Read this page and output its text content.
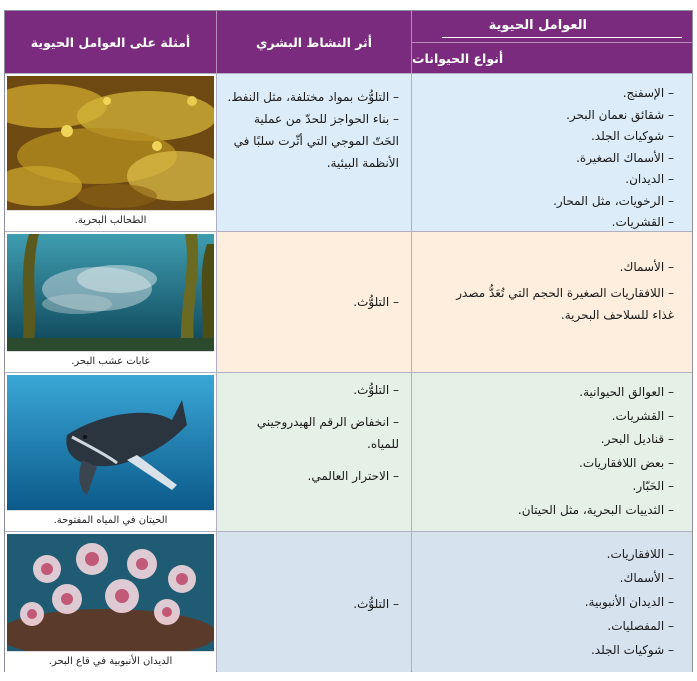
أمثلة على العوامل الحيوية	أثر النشاط البشري
العوامل الحيوية
أنواع الحيوانات
الطحالب البحرية.
– التلوُّث بمواد مختلفة، مثل النفط.
– بناء الحواجز للحدّ من عملية الحَتّ الموجي التي أثّرت سلبًا في الأنظمة البيئية.
– الإسفنج.
– شقائق نعمان البحر.
– شوكيات الجلد.
– الأسماك الصغيرة.
– الديدان.
– الرخويات، مثل المحار.
– القشريات.
غابات عشب البحر.
– التلوُّث.
– الأسماك.
– اللافقاريات الصغيرة الحجم التي تُعَدُّ مصدر غذاء للسلاحف البحرية.
الحيتان في المياه المفتوحة.
– التلوُّث.
– انخفاض الرقم الهيدروجيني للمياه.
– الاحترار العالمي.
– العوالق الحيوانية.
– القشريات.
– قناديل البحر.
– بعض اللافقاريات.
– الحَبّار.
– الثدييات البحرية، مثل الحيتان.
الديدان الأنبوبية في قاع البحر.
– التلوُّث.
– اللافقاريات.
– الأسماك.
– الديدان الأنبوبية.
– المفصليات.
– شوكيات الجلد.
